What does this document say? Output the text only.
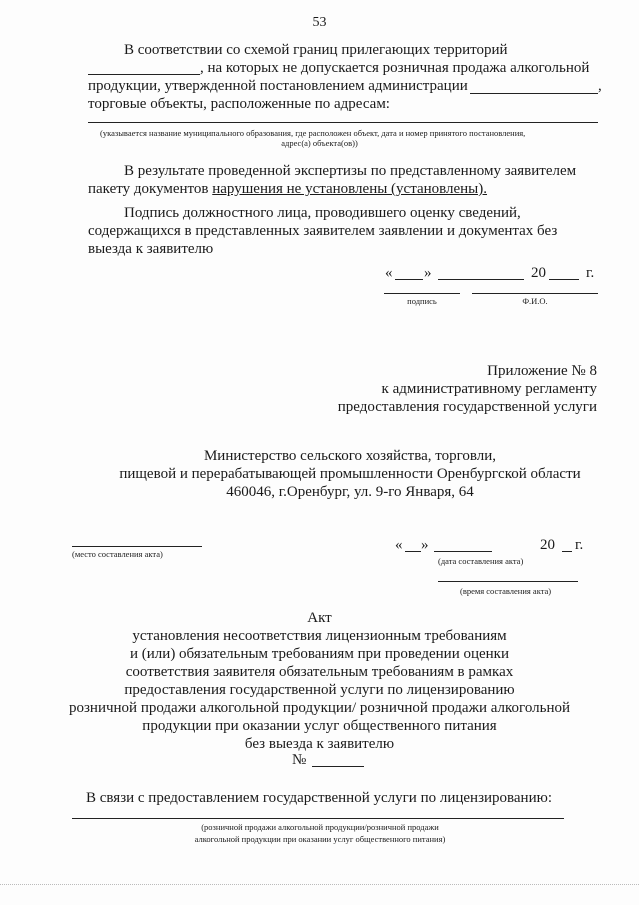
53
В соответствии со схемой границ прилегающих территорий
, на которых не допускается розничная продажа алкогольной
продукции, утвержденной постановлением администрации	,
торговые объекты, расположенные по адресам:
(указывается название муниципального образования, где расположен объект, дата и номер принятого постановления,
адрес(а) объекта(ов))
В результате проведенной экспертизы по представленному заявителем
пакету документов нарушения не установлены (установлены).
Подпись должностного лица, проводившего оценку сведений,
содержащихся в представленных заявителем заявлении и документах без
выезда к заявителю
« »	20	г.
подпись	Ф.И.О.
Приложение № 8
к административному регламенту
предоставления государственной услуги
Министерство сельского хозяйства, торговли,
пищевой и перерабатывающей промышленности Оренбургской области
460046, г.Оренбург, ул. 9-го Января, 64
(место составления акта)
« »	20 г.
(дата составления акта)
(время составления акта)
Акт
установления несоответствия лицензионным требованиям
и (или) обязательным требованиям при проведении оценки
соответствия заявителя обязательным требованиям в рамках
предоставления государственной услуги по лицензированию
розничной продажи алкогольной продукции/ розничной продажи алкогольной
продукции при оказании услуг общественного питания
без выезда к заявителю
№
В связи с предоставлением государственной услуги по лицензированию:
(розничной продажи алкогольной продукции/розничной продажи
алкогольной продукции при оказании услуг общественного питания)
